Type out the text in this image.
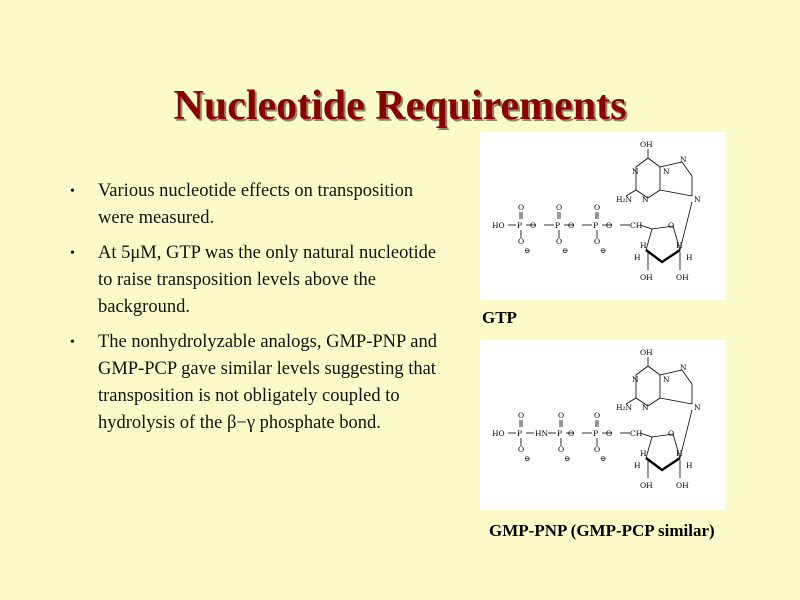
Nucleotide Requirements
• Various nucleotide effects on transposition were measured.
• At 5μM, GTP was the only natural nucleotide to raise transposition levels above the background.
• The nonhydrolyzable analogs, GMP-PNP and GMP-PCP gave similar levels suggesting that transposition is not obligately coupled to hydrolysis of the β−γ phosphate bond.
HO P O	P O	P O CH
O	O	O
O	O	O
⊖	⊖	⊖
OH
N	N
H₂N N
N
N
O
H	H
H	H
OH	OH
GTP
HO P HN P O	P O CH
O	O	O
O	O	O
⊖	⊖	⊖
OH
N	N
H₂N N
N
N
O
H	H
H	H
OH	OH
GMP-PNP (GMP-PCP similar)
